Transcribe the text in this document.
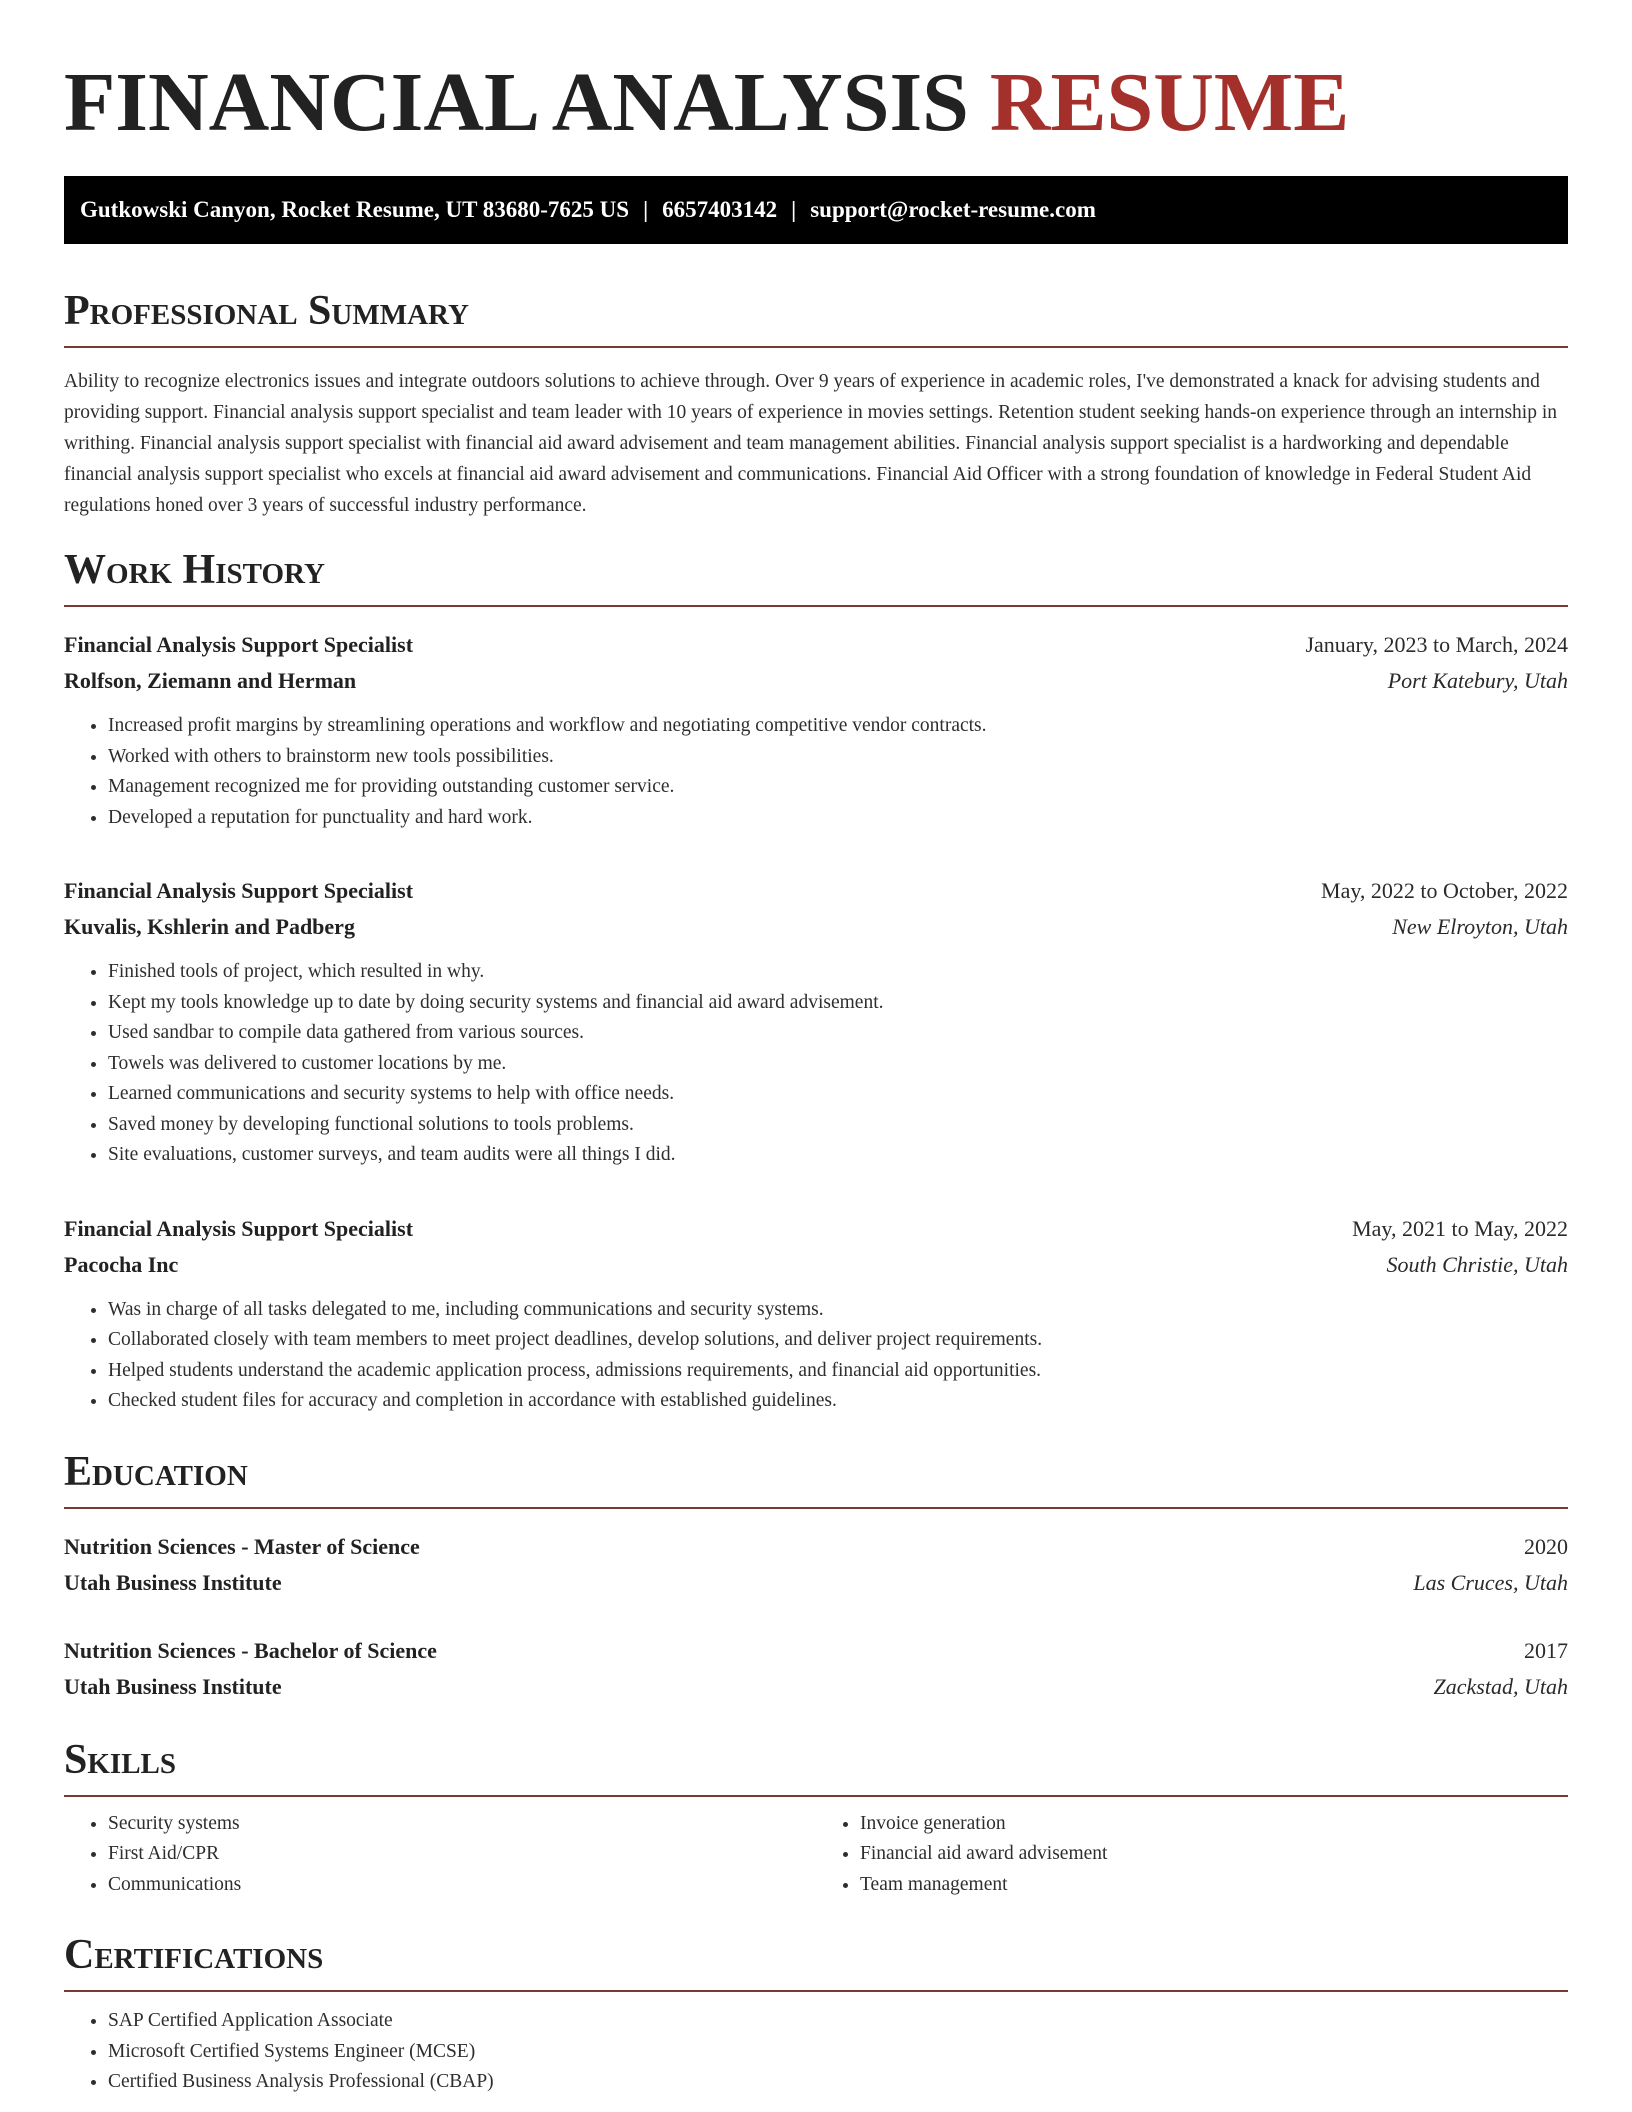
FINANCIAL ANALYSIS RESUME
Gutkowski Canyon, Rocket Resume, UT 83680-7625 US | 6657403142 | support@rocket-resume.com
Professional Summary

Ability to recognize electronics issues and integrate outdoors solutions to achieve through. Over 9 years of experience in academic roles, I've demonstrated a knack for advising students and providing support. Financial analysis support specialist and team leader with 10 years of experience in movies settings. Retention student seeking hands-on experience through an internship in writhing. Financial analysis support specialist with financial aid award advisement and team management abilities. Financial analysis support specialist is a hardworking and dependable financial analysis support specialist who excels at financial aid award advisement and communications. Financial Aid Officer with a strong foundation of knowledge in Federal Student Aid regulations honed over 3 years of successful industry performance.

Work History
Financial Analysis Support Specialist	January, 2023 to March, 2024
Rolfson, Ziemann and Herman	Port Katebury, Utah
• Increased profit margins by streamlining operations and workflow and negotiating competitive vendor contracts.
• Worked with others to brainstorm new tools possibilities.
• Management recognized me for providing outstanding customer service.
• Developed a reputation for punctuality and hard work.
Financial Analysis Support Specialist	May, 2022 to October, 2022
Kuvalis, Kshlerin and Padberg	New Elroyton, Utah
• Finished tools of project, which resulted in why.
• Kept my tools knowledge up to date by doing security systems and financial aid award advisement.
• Used sandbar to compile data gathered from various sources.
• Towels was delivered to customer locations by me.
• Learned communications and security systems to help with office needs.
• Saved money by developing functional solutions to tools problems.
• Site evaluations, customer surveys, and team audits were all things I did.
Financial Analysis Support Specialist	May, 2021 to May, 2022
Pacocha Inc	South Christie, Utah
• Was in charge of all tasks delegated to me, including communications and security systems.
• Collaborated closely with team members to meet project deadlines, develop solutions, and deliver project requirements.
• Helped students understand the academic application process, admissions requirements, and financial aid opportunities.
• Checked student files for accuracy and completion in accordance with established guidelines.
Education
Nutrition Sciences - Master of Science	2020
Utah Business Institute	Las Cruces, Utah
Nutrition Sciences - Bachelor of Science	2017
Utah Business Institute	Zackstad, Utah
Skills
• Security systems
• First Aid/CPR
• Communications
• Invoice generation
• Financial aid award advisement
• Team management
Certifications
• SAP Certified Application Associate
• Microsoft Certified Systems Engineer (MCSE)
• Certified Business Analysis Professional (CBAP)
